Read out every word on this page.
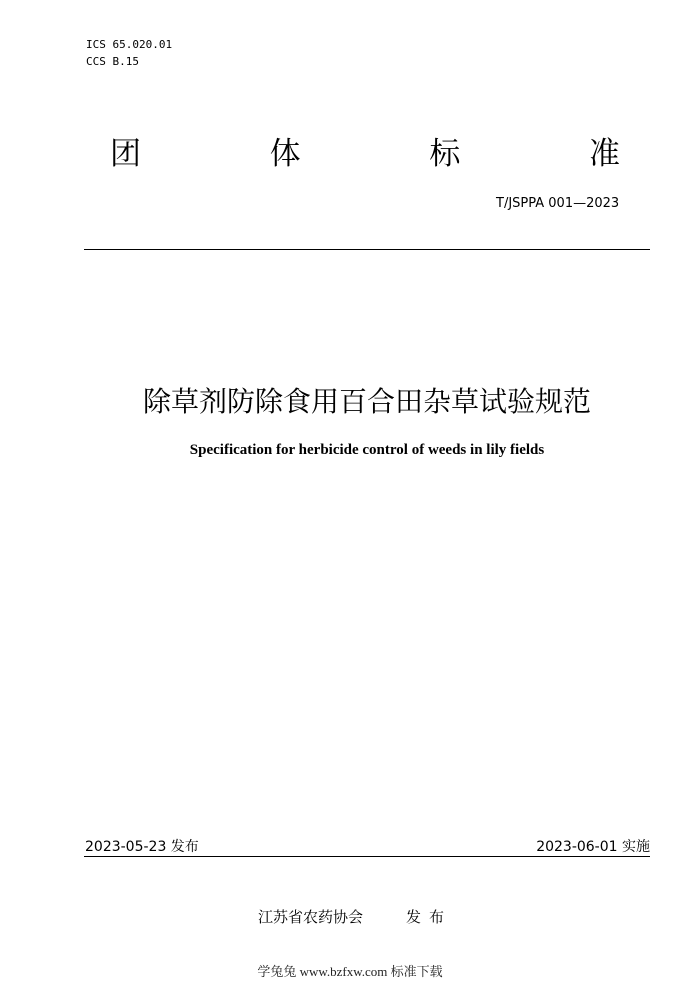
ICS 65.020.01
CCS B.15
团	体	标	准
T/JSPPA 001—2023
除草剂防除食用百合田杂草试验规范
Specification for herbicide control of weeds in lily fields
2023-05-23 发布	2023-06-01 实施
江苏省农药协会	发布
学兔兔 www.bzfxw.com 标准下载
